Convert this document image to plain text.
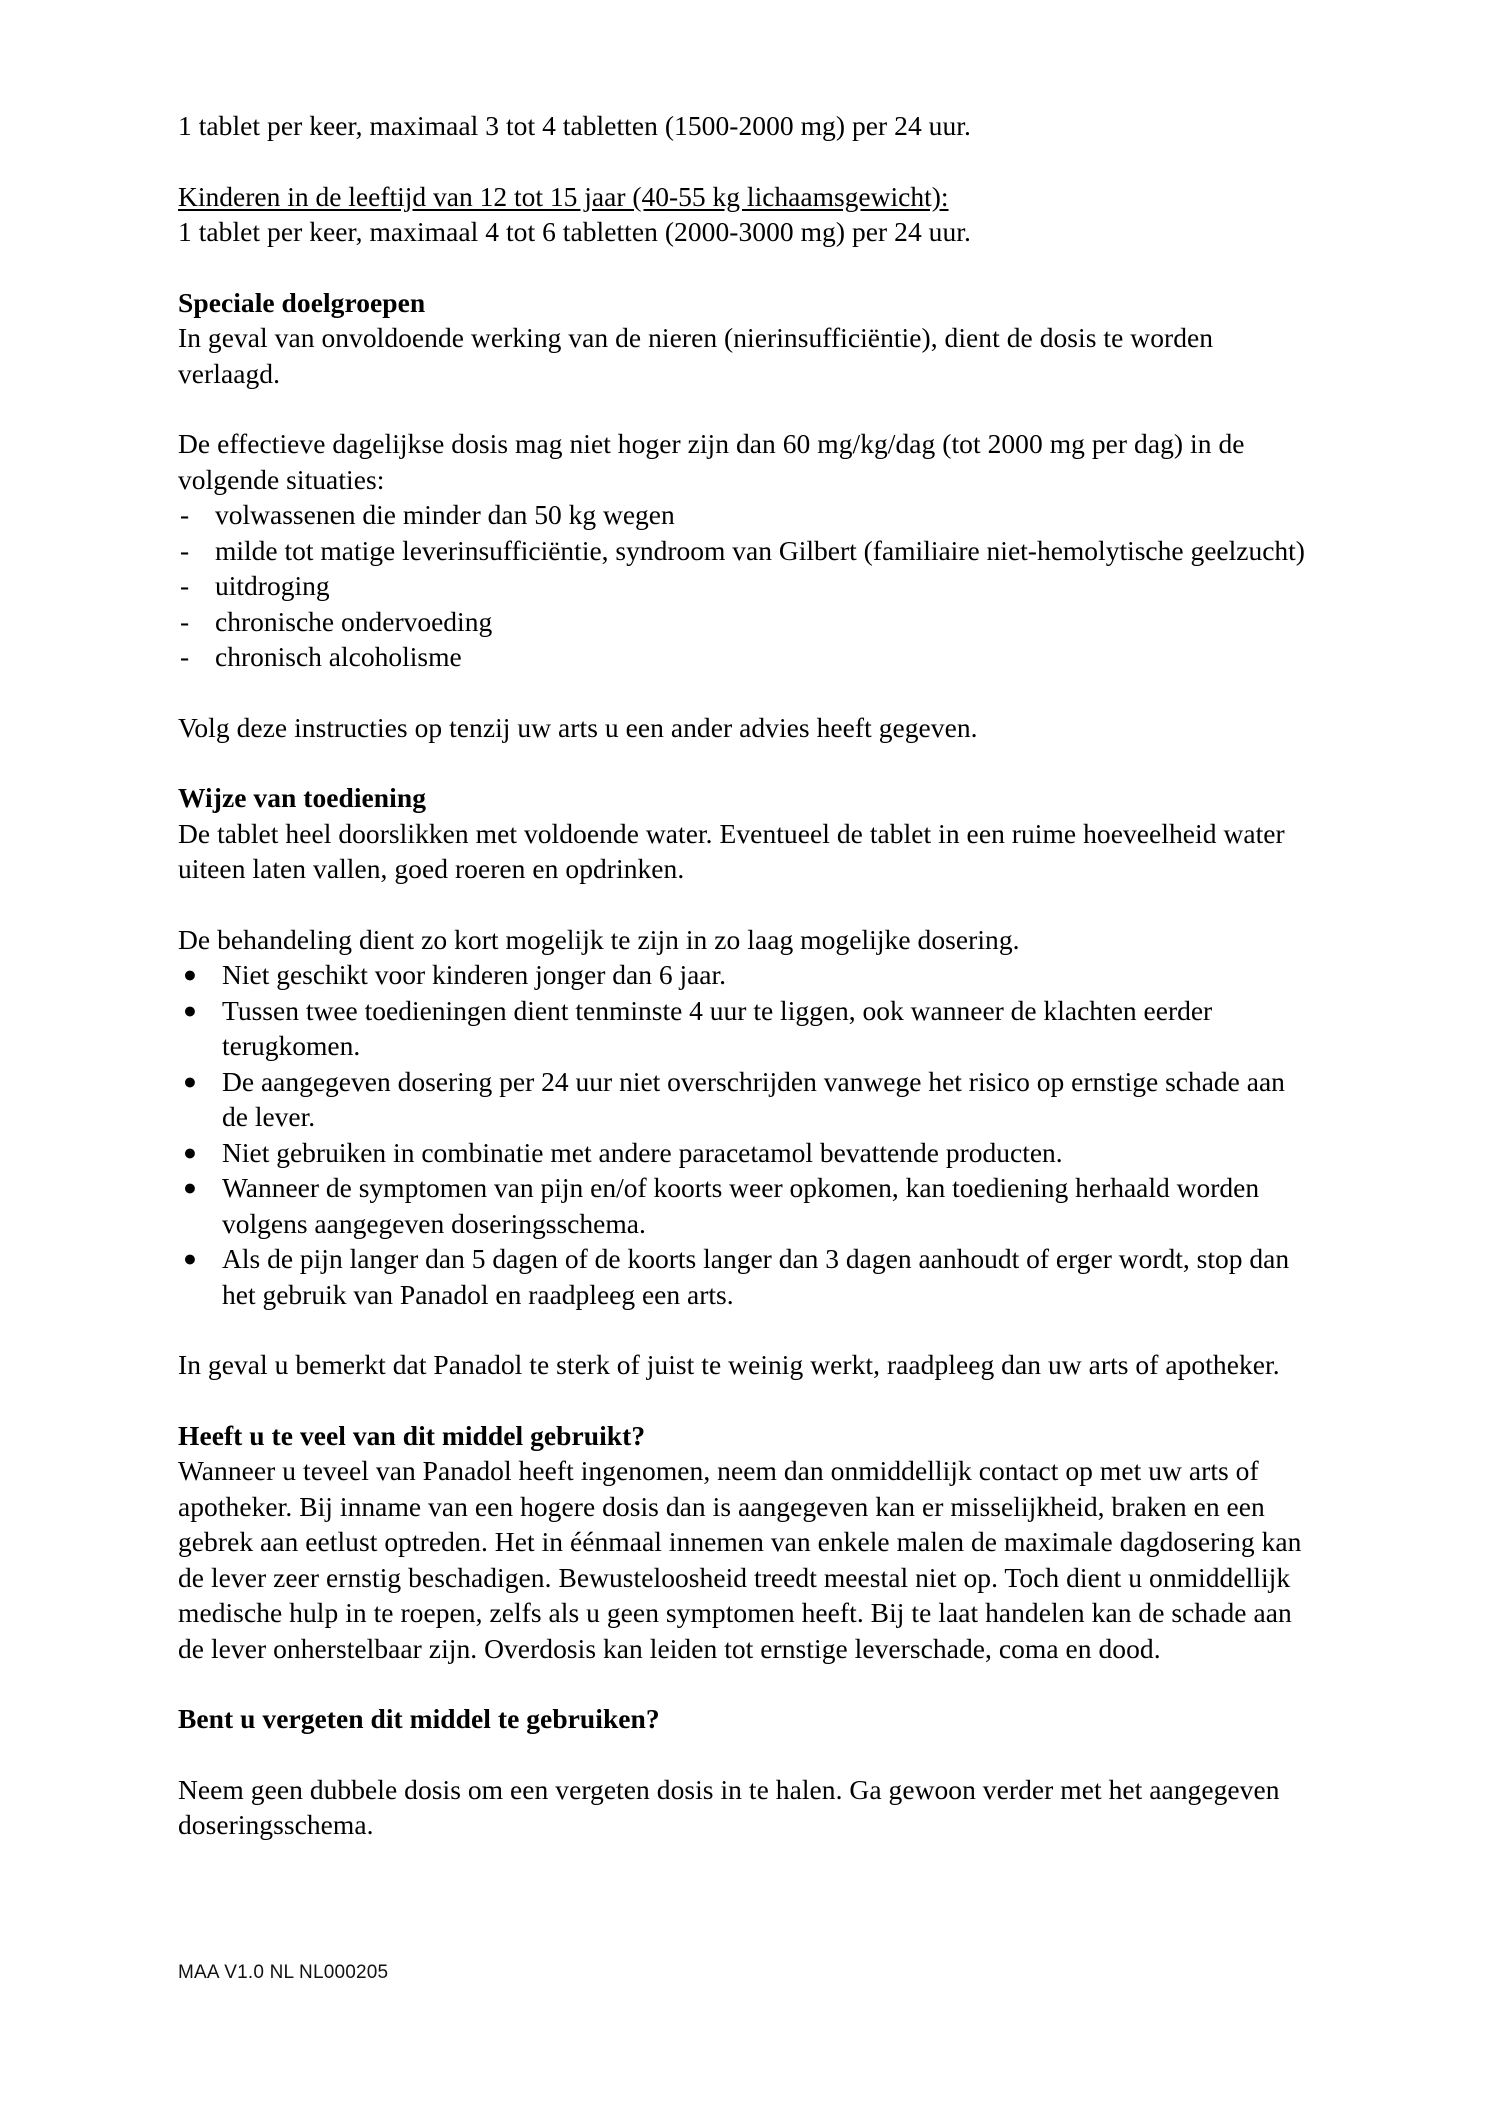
1 tablet per keer, maximaal 3 tot 4 tabletten (1500-2000 mg) per 24 uur.

Kinderen in de leeftijd van 12 tot 15 jaar (40-55 kg lichaamsgewicht):

1 tablet per keer, maximaal 4 tot 6 tabletten (2000-3000 mg) per 24 uur.

Speciale doelgroepen

In geval van onvoldoende werking van de nieren (nierinsufficiëntie), dient de dosis te worden verlaagd.

De effectieve dagelijkse dosis mag niet hoger zijn dan 60 mg/kg/dag (tot 2000 mg per dag) in de volgende situaties:

- volwassenen die minder dan 50 kg wegen
- milde tot matige leverinsufficiëntie, syndroom van Gilbert (familiaire niet-hemolytische geelzucht)
- uitdroging
- chronische ondervoeding
- chronisch alcoholisme

Volg deze instructies op tenzij uw arts u een ander advies heeft gegeven.

Wijze van toediening

De tablet heel doorslikken met voldoende water. Eventueel de tablet in een ruime hoeveelheid water uiteen laten vallen, goed roeren en opdrinken.

De behandeling dient zo kort mogelijk te zijn in zo laag mogelijke dosering.

● Niet geschikt voor kinderen jonger dan 6 jaar.
● Tussen twee toedieningen dient tenminste 4 uur te liggen, ook wanneer de klachten eerder terugkomen.
● De aangegeven dosering per 24 uur niet overschrijden vanwege het risico op ernstige schade aan de lever.
● Niet gebruiken in combinatie met andere paracetamol bevattende producten.
● Wanneer de symptomen van pijn en/of koorts weer opkomen, kan toediening herhaald worden volgens aangegeven doseringsschema.
● Als de pijn langer dan 5 dagen of de koorts langer dan 3 dagen aanhoudt of erger wordt, stop dan het gebruik van Panadol en raadpleeg een arts.

In geval u bemerkt dat Panadol te sterk of juist te weinig werkt, raadpleeg dan uw arts of apotheker.

Heeft u te veel van dit middel gebruikt?

Wanneer u teveel van Panadol heeft ingenomen, neem dan onmiddellijk contact op met uw arts of apotheker. Bij inname van een hogere dosis dan is aangegeven kan er misselijkheid, braken en een gebrek aan eetlust optreden. Het in éénmaal innemen van enkele malen de maximale dagdosering kan de lever zeer ernstig beschadigen. Bewusteloosheid treedt meestal niet op. Toch dient u onmiddellijk medische hulp in te roepen, zelfs als u geen symptomen heeft. Bij te laat handelen kan de schade aan de lever onherstelbaar zijn. Overdosis kan leiden tot ernstige leverschade, coma en dood.

Bent u vergeten dit middel te gebruiken?

Neem geen dubbele dosis om een vergeten dosis in te halen. Ga gewoon verder met het aangegeven doseringsschema.

MAA V1.0 NL NL000205
